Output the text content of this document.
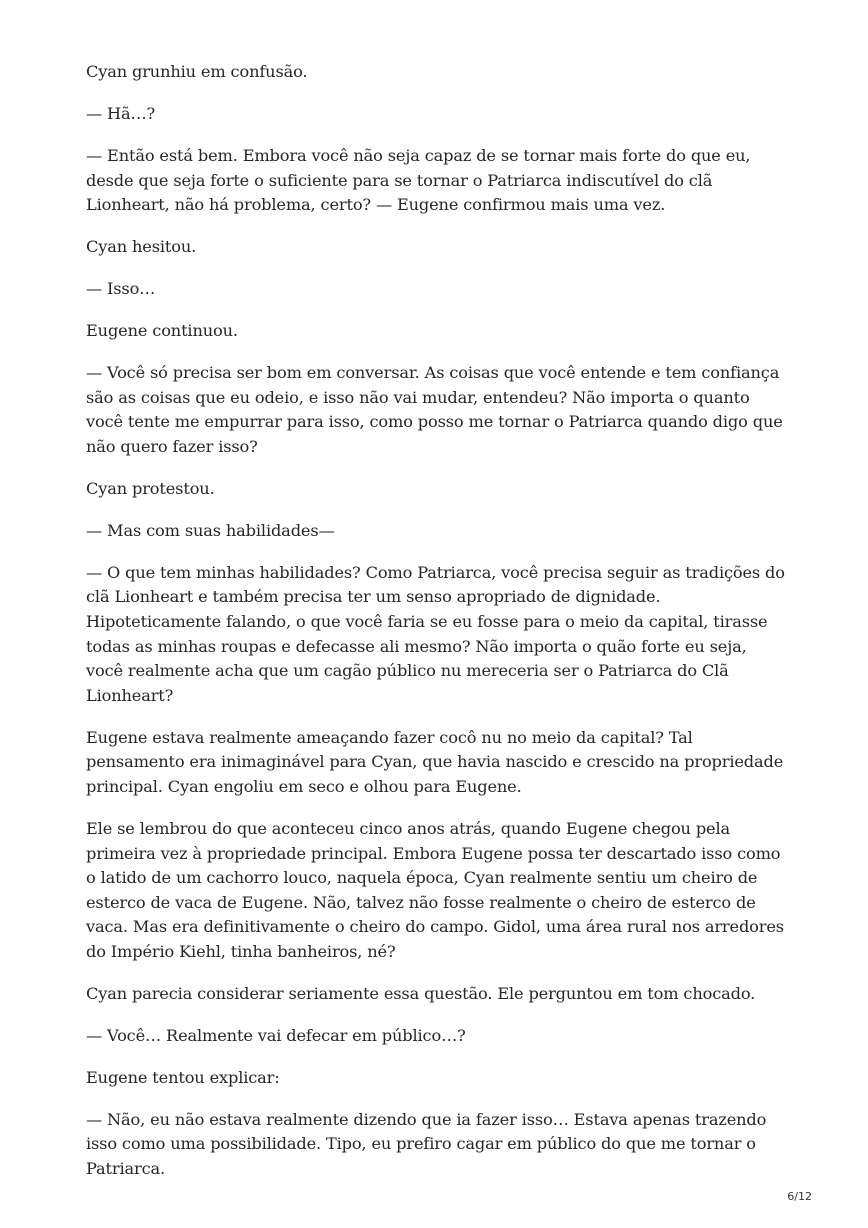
Cyan grunhiu em confusão.

— Hã…?

— Então está bem. Embora você não seja capaz de se tornar mais forte do que eu, desde que seja forte o suficiente para se tornar o Patriarca indiscutível do clã Lionheart, não há problema, certo? — Eugene confirmou mais uma vez.

Cyan hesitou.

— Isso…

Eugene continuou.

— Você só precisa ser bom em conversar. As coisas que você entende e tem confiança são as coisas que eu odeio, e isso não vai mudar, entendeu? Não importa o quanto você tente me empurrar para isso, como posso me tornar o Patriarca quando digo que não quero fazer isso?

Cyan protestou.

— Mas com suas habilidades—

— O que tem minhas habilidades? Como Patriarca, você precisa seguir as tradições do clã Lionheart e também precisa ter um senso apropriado de dignidade. Hipoteticamente falando, o que você faria se eu fosse para o meio da capital, tirasse todas as minhas roupas e defecasse ali mesmo? Não importa o quão forte eu seja, você realmente acha que um cagão público nu mereceria ser o Patriarca do Clã Lionheart?

Eugene estava realmente ameaçando fazer cocô nu no meio da capital? Tal pensamento era inimaginável para Cyan, que havia nascido e crescido na propriedade principal. Cyan engoliu em seco e olhou para Eugene.

Ele se lembrou do que aconteceu cinco anos atrás, quando Eugene chegou pela primeira vez à propriedade principal. Embora Eugene possa ter descartado isso como o latido de um cachorro louco, naquela época, Cyan realmente sentiu um cheiro de esterco de vaca de Eugene. Não, talvez não fosse realmente o cheiro de esterco de vaca. Mas era definitivamente o cheiro do campo. Gidol, uma área rural nos arredores do Império Kiehl, tinha banheiros, né?

Cyan parecia considerar seriamente essa questão. Ele perguntou em tom chocado.

— Você… Realmente vai defecar em público…?

Eugene tentou explicar:

— Não, eu não estava realmente dizendo que ia fazer isso… Estava apenas trazendo isso como uma possibilidade. Tipo, eu prefiro cagar em público do que me tornar o Patriarca.

6/12
